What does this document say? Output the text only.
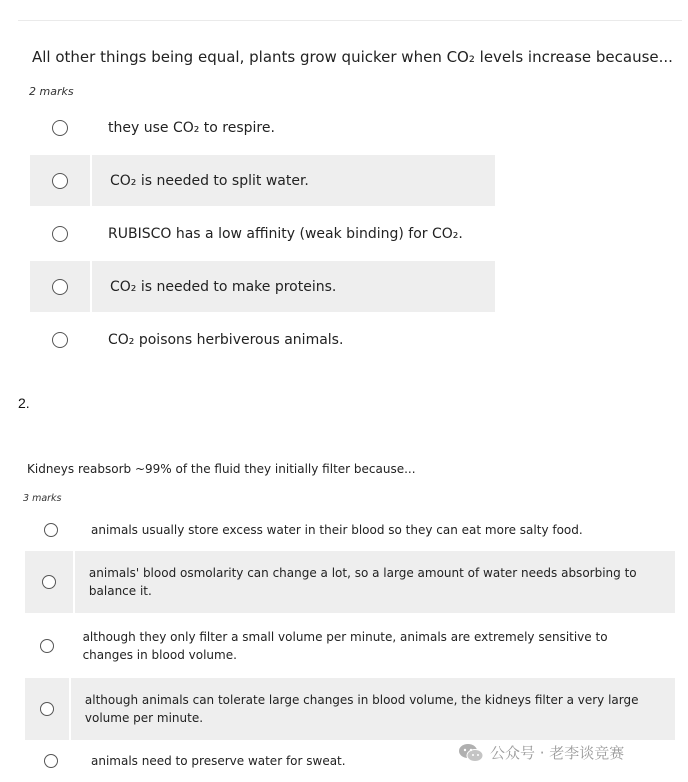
All other things being equal, plants grow quicker when CO₂ levels increase because...
2 marks
they use CO₂ to respire.
CO₂ is needed to split water.
RUBISCO has a low affinity (weak binding) for CO₂.
CO₂ is needed to make proteins.
CO₂ poisons herbiverous animals.
2.
Kidneys reabsorb ~99% of the fluid they initially filter because...
3 marks
animals usually store excess water in their blood so they can eat more salty food.
animals' blood osmolarity can change a lot, so a large amount of water needs absorbing to balance it.
although they only filter a small volume per minute, animals are extremely sensitive to changes in blood volume.
although animals can tolerate large changes in blood volume, the kidneys filter a very large volume per minute.
animals need to preserve water for sweat.	公众号 · 老李谈竞赛
